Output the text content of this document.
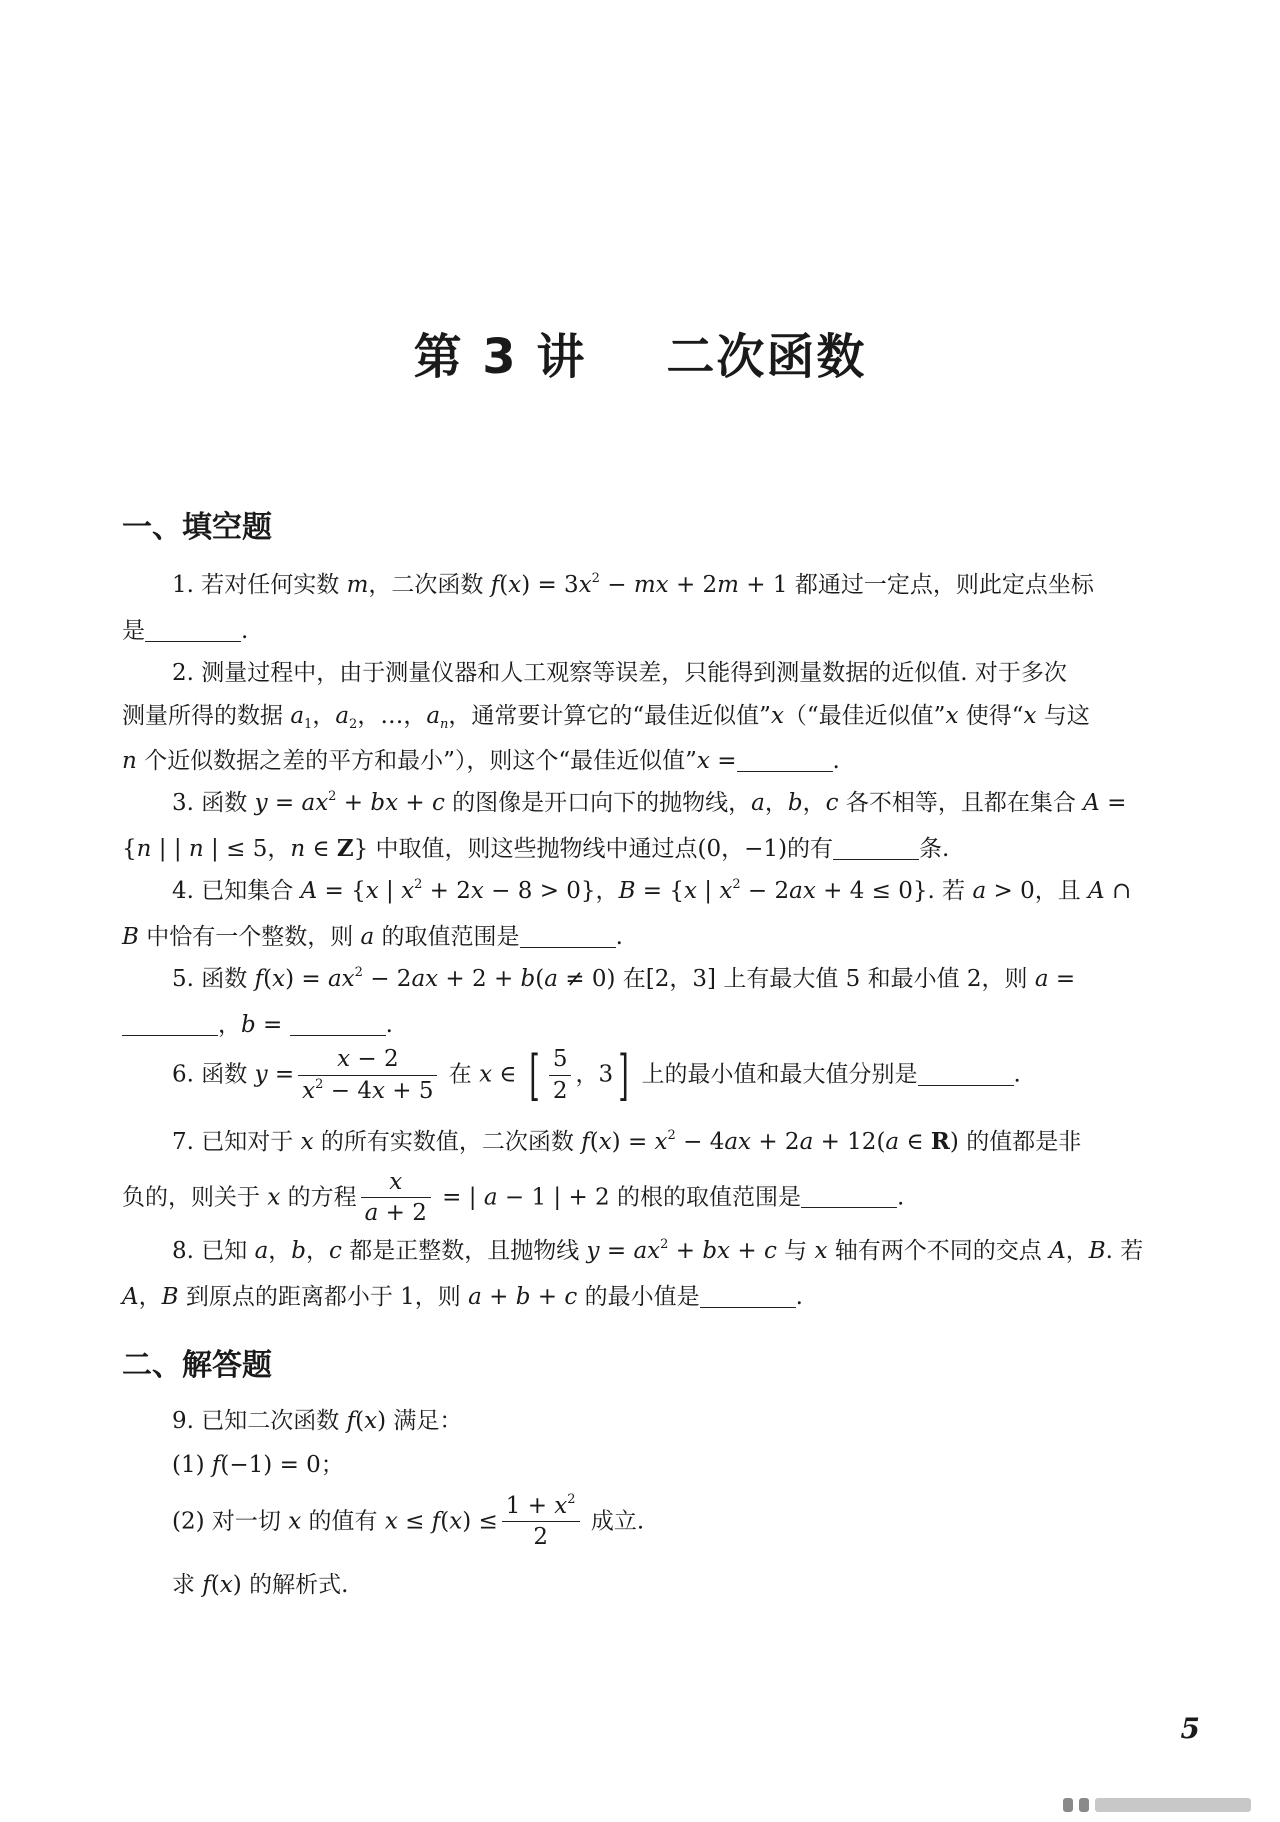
第 3 讲 二次函数
一、填空题
1. 若对任何实数 m，二次函数 $f(x) = 3x^2$ − mx + 2m + 1 都通过一定点，则此定点坐标
是	.
2. 测量过程中，由于测量仪器和人工观察等误差，只能得到测量数据的近似值. 对于多次
测量所得的数据 $a_1$，$a_2$，…，$a_n$，通常要计算它的“最佳近似值”x（“最佳近似值”x 使得“x 与这
n 个近似数据之差的平方和最小”），则这个“最佳近似值”x =	.
3. 函数 $y = ax^2$ + bx + c 的图像是开口向下的抛物线，a，b，c 各不相等，且都在集合 A =
{n | | n | ≤ 5，n ∈ Z} 中取值，则这些抛物线中通过点(0，−1)的有	条.
4. 已知集合 A = {x | $x^2 + 2x - 8 > 0$}，B = {x | $x^2 - 2ax + 4 \le 0$}. 若 a > 0，且 A ∩
B 中恰有一个整数，则 a 的取值范围是	.
5. 函数 $f(x) = ax^2 - 2ax + 2 + b(a \ne 0)$ 在[2，3] 上有最大值 5 和最小值 2，则 a =
，b =	.
6. 函数 $y = \frac{x - 2}{x^2 - 4x + 5}$ 在 x ∈ [ $\frac{5}{2}$ ，3] 上的最小值和最大值分别是	.
7. 已知对于 x 的所有实数值，二次函数 $f(x) = x^2 - 4ax + 2a + 12(a$ ∈ R) 的值都是非
负的，则关于 x 的方程 $\frac{x}{a + 2}$ = | a − 1 | + 2 的根的取值范围是	.
8. 已知 a，b，c 都是正整数，且抛物线 $y = ax^2$ + bx + c 与 x 轴有两个不同的交点 A，B. 若
A，B 到原点的距离都小于 1，则 a + b + c 的最小值是	.
二、解答题
9. 已知二次函数 f(x) 满足：
(1) f(−1) = 0；
(2) 对一切 x 的值有 $x \le f(x) \le \frac{1 + x^2}{2}$ 成立.
求 f(x) 的解析式.
5
